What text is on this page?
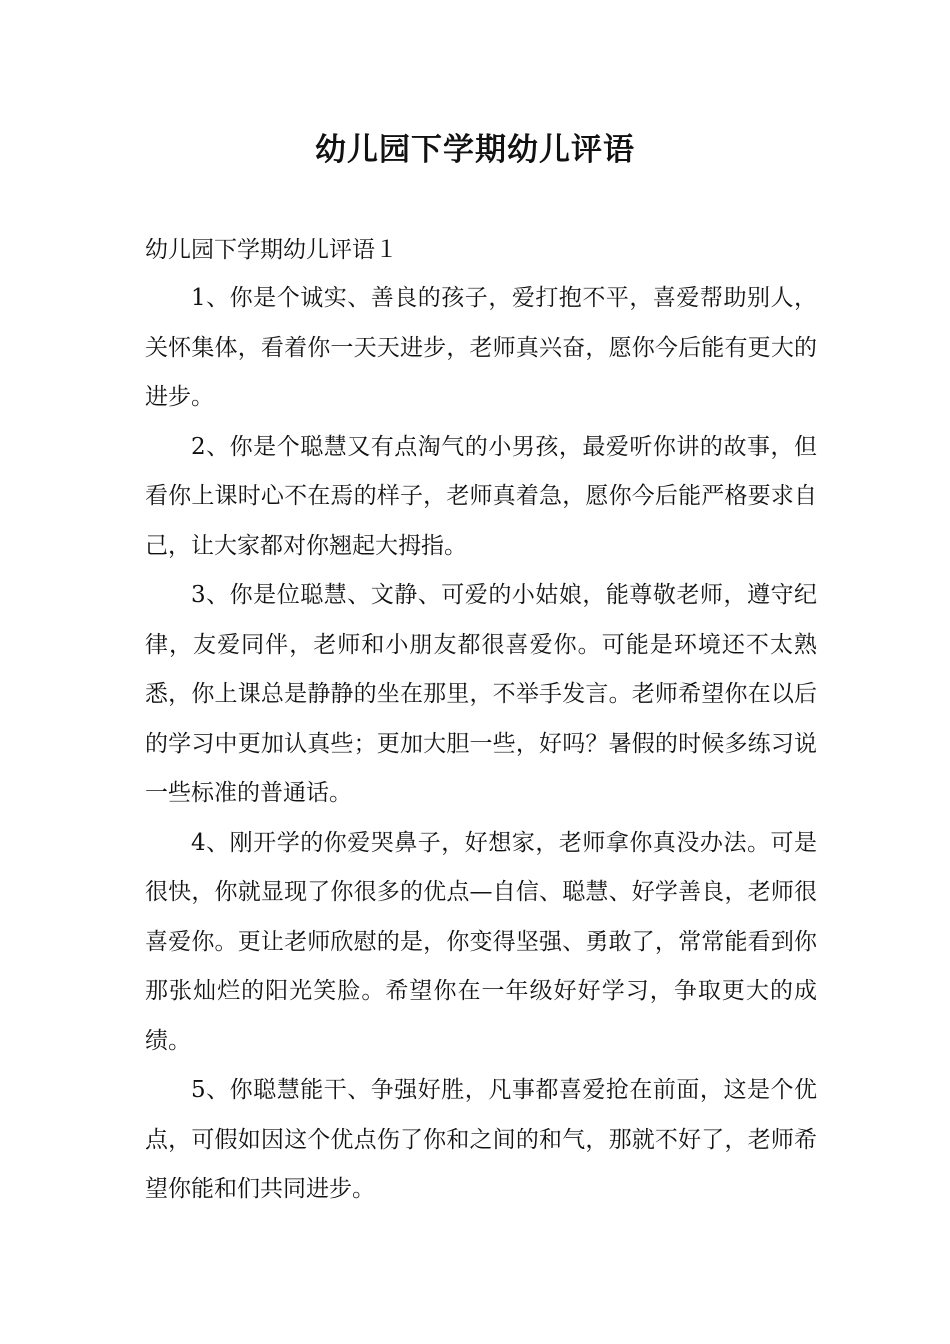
幼儿园下学期幼儿评语

幼儿园下学期幼儿评语１

1、你是个诚实、善良的孩子，爱打抱不平，喜爱帮助别人，关怀集体，看着你一天天进步，老师真兴奋，愿你今后能有更大的进步。

2、你是个聪慧又有点淘气的小男孩，最爱听你讲的故事，但看你上课时心不在焉的样子，老师真着急，愿你今后能严格要求自己，让大家都对你翘起大拇指。

3、你是位聪慧、文静、可爱的小姑娘，能尊敬老师，遵守纪律，友爱同伴，老师和小朋友都很喜爱你。可能是环境还不太熟悉，你上课总是静静的坐在那里，不举手发言。老师希望你在以后的学习中更加认真些；更加大胆一些，好吗？暑假的时候多练习说一些标准的普通话。

4、刚开学的你爱哭鼻子，好想家，老师拿你真没办法。可是很快，你就显现了你很多的优点—自信、聪慧、好学善良，老师很喜爱你。更让老师欣慰的是，你变得坚强、勇敢了，常常能看到你那张灿烂的阳光笑脸。希望你在一年级好好学习，争取更大的成绩。

5、你聪慧能干、争强好胜，凡事都喜爱抢在前面，这是个优点，可假如因这个优点伤了你和之间的和气，那就不好了，老师希望你能和们共同进步。
